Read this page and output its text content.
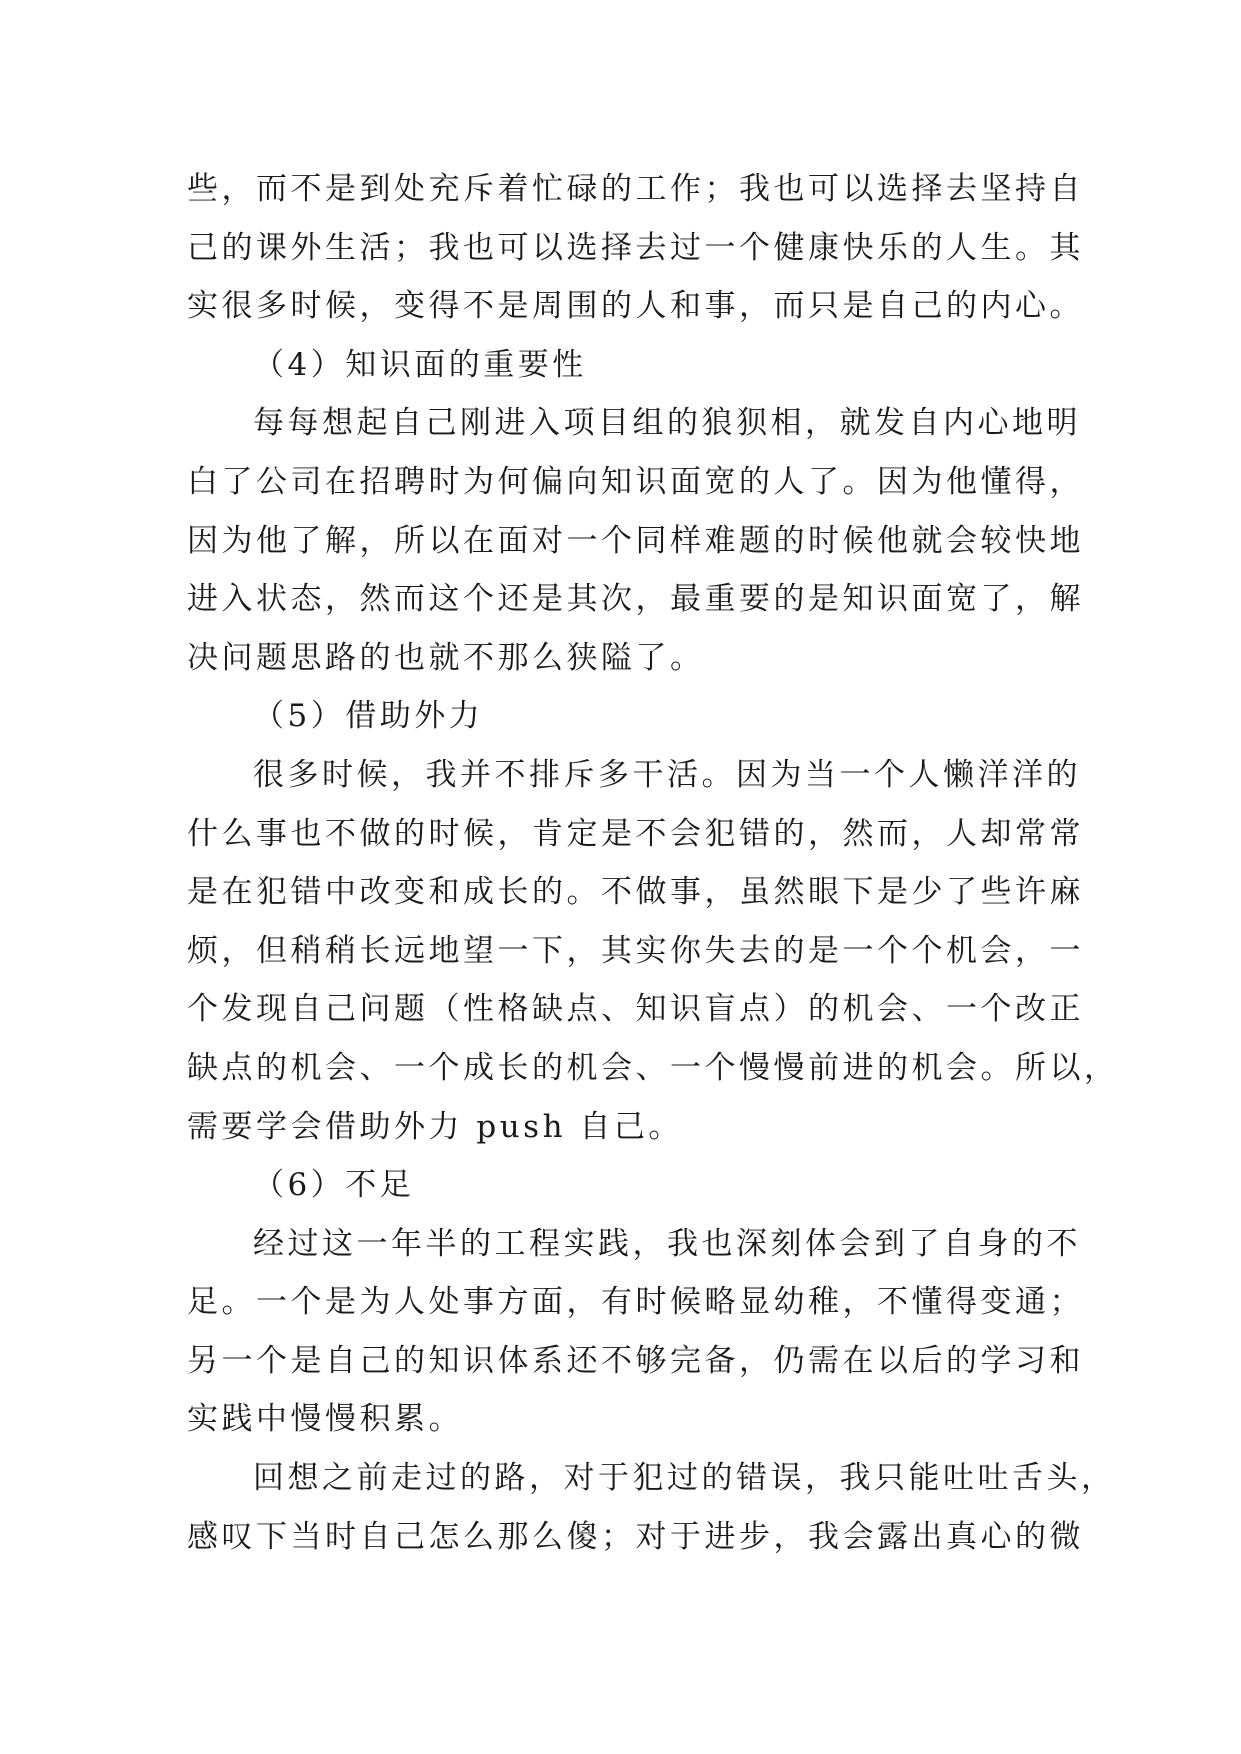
些，而不是到处充斥着忙碌的工作；我也可以选择去坚持自
己的课外生活；我也可以选择去过一个健康快乐的人生。其
实很多时候，变得不是周围的人和事，而只是自己的内心。
（4）知识面的重要性
每每想起自己刚进入项目组的狼狈相，就发自内心地明
白了公司在招聘时为何偏向知识面宽的人了。因为他懂得，
因为他了解，所以在面对一个同样难题的时候他就会较快地
进入状态，然而这个还是其次，最重要的是知识面宽了，解
决问题思路的也就不那么狭隘了。
（5）借助外力
很多时候，我并不排斥多干活。因为当一个人懒洋洋的
什么事也不做的时候，肯定是不会犯错的，然而，人却常常
是在犯错中改变和成长的。不做事，虽然眼下是少了些许麻
烦，但稍稍长远地望一下，其实你失去的是一个个机会，一
个发现自己问题（性格缺点、知识盲点）的机会、一个改正
缺点的机会、一个成长的机会、一个慢慢前进的机会。所以，
需要学会借助外力 push 自己。
（6）不足
经过这一年半的工程实践，我也深刻体会到了自身的不
足。一个是为人处事方面，有时候略显幼稚，不懂得变通；
另一个是自己的知识体系还不够完备，仍需在以后的学习和
实践中慢慢积累。
回想之前走过的路，对于犯过的错误，我只能吐吐舌头，
感叹下当时自己怎么那么傻；对于进步，我会露出真心的微
